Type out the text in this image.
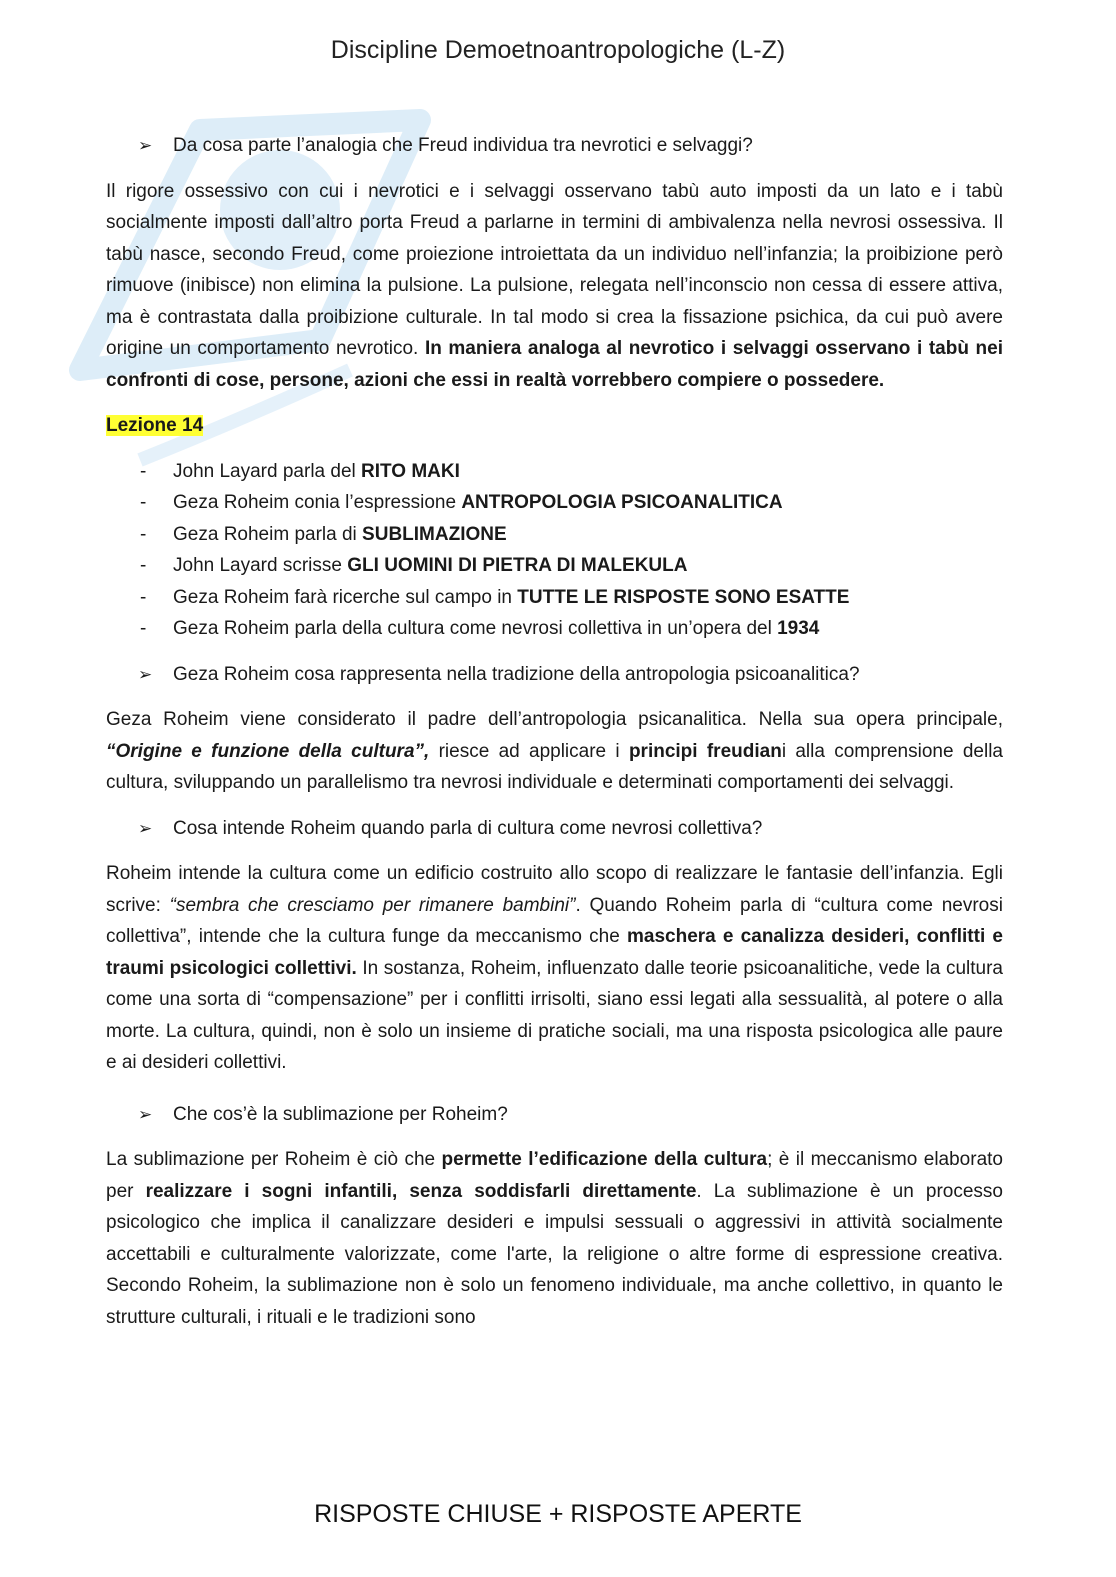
Discipline Demoetnoantropologiche (L-Z)
➢ Da cosa parte l’analogia che Freud individua tra nevrotici e selvaggi?

Il rigore ossessivo con cui i nevrotici e i selvaggi osservano tabù auto imposti da un lato e i tabù socialmente imposti dall’altro porta Freud a parlarne in termini di ambivalenza nella nevrosi ossessiva. Il tabù nasce, secondo Freud, come proiezione introiettata da un individuo nell’infanzia; la proibizione però rimuove (inibisce) non elimina la pulsione. La pulsione, relegata nell’inconscio non cessa di essere attiva, ma è contrastata dalla proibizione culturale. In tal modo si crea la fissazione psichica, da cui può avere origine un comportamento nevrotico. In maniera analoga al nevrotico i selvaggi osservano i tabù nei confronti di cose, persone, azioni che essi in realtà vorrebbero compiere o possedere.

Lezione 14
- John Layard parla del RITO MAKI
- Geza Roheim conia l’espressione ANTROPOLOGIA PSICOANALITICA
- Geza Roheim parla di SUBLIMAZIONE
- John Layard scrisse GLI UOMINI DI PIETRA DI MALEKULA
- Geza Roheim farà ricerche sul campo in TUTTE LE RISPOSTE SONO ESATTE
- Geza Roheim parla della cultura come nevrosi collettiva in un’opera del 1934
➢ Geza Roheim cosa rappresenta nella tradizione della antropologia psicoanalitica?

Geza Roheim viene considerato il padre dell’antropologia psicanalitica. Nella sua opera principale, “Origine e funzione della cultura”, riesce ad applicare i principi freudiani alla comprensione della cultura, sviluppando un parallelismo tra nevrosi individuale e determinati comportamenti dei selvaggi.

➢ Cosa intende Roheim quando parla di cultura come nevrosi collettiva?

Roheim intende la cultura come un edificio costruito allo scopo di realizzare le fantasie dell’infanzia. Egli scrive: “sembra che cresciamo per rimanere bambini”. Quando Roheim parla di “cultura come nevrosi collettiva”, intende che la cultura funge da meccanismo che maschera e canalizza desideri, conflitti e traumi psicologici collettivi. In sostanza, Roheim, influenzato dalle teorie psicoanalitiche, vede la cultura come una sorta di “compensazione” per i conflitti irrisolti, siano essi legati alla sessualità, al potere o alla morte. La cultura, quindi, non è solo un insieme di pratiche sociali, ma una risposta psicologica alle paure e ai desideri collettivi.

➢ Che cos’è la sublimazione per Roheim?

La sublimazione per Roheim è ciò che permette l’edificazione della cultura; è il meccanismo elaborato per realizzare i sogni infantili, senza soddisfarli direttamente. La sublimazione è un processo psicologico che implica il canalizzare desideri e impulsi sessuali o aggressivi in attività socialmente accettabili e culturalmente valorizzate, come l'arte, la religione o altre forme di espressione creativa. Secondo Roheim, la sublimazione non è solo un fenomeno individuale, ma anche collettivo, in quanto le strutture culturali, i rituali e le tradizioni sono

RISPOSTE CHIUSE + RISPOSTE APERTE
